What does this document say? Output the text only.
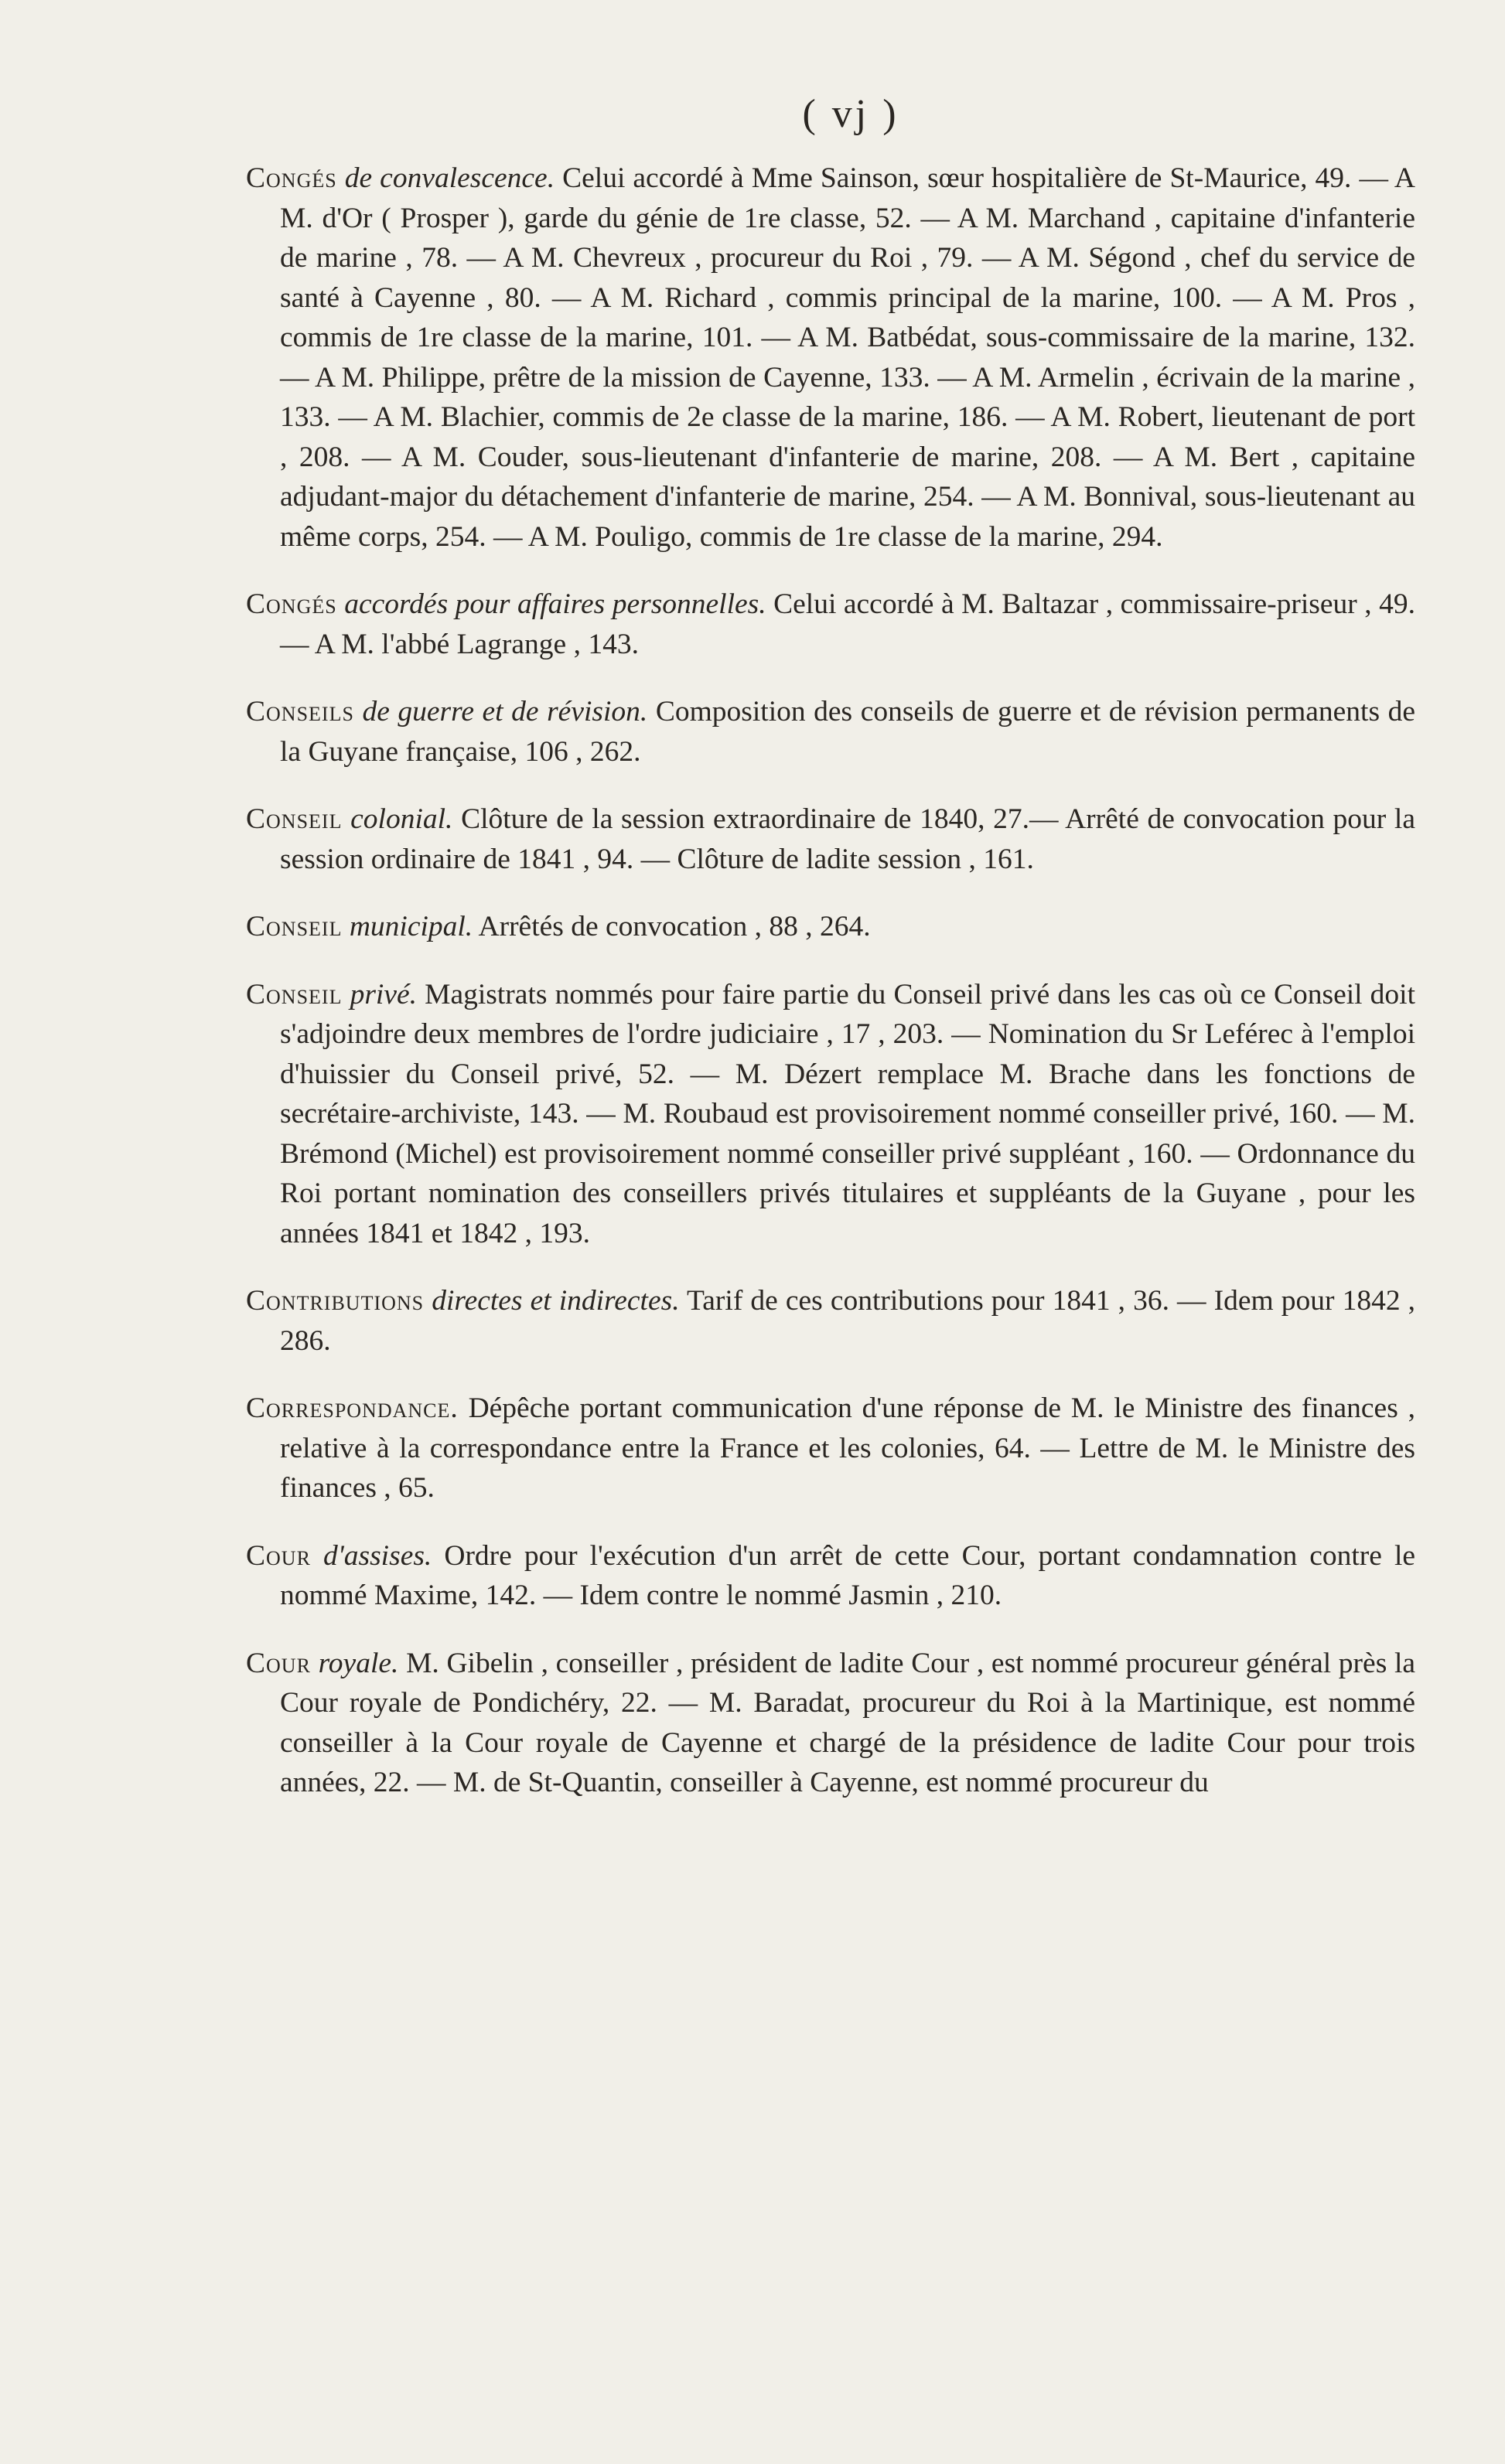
( vj )

Congés de convalescence. Celui accordé à Mme Sainson, sœur hospitalière de St-Maurice, 49. — A M. d'Or ( Prosper ), garde du génie de 1re classe, 52. — A M. Marchand , capitaine d'infanterie de marine , 78. — A M. Chevreux , procureur du Roi , 79. — A M. Ségond , chef du service de santé à Cayenne , 80. — A M. Richard , commis principal de la marine, 100. — A M. Pros , commis de 1re classe de la marine, 101. — A M. Batbédat, sous-commissaire de la marine, 132. — A M. Philippe, prêtre de la mission de Cayenne, 133. — A M. Armelin , écrivain de la marine , 133. — A M. Blachier, commis de 2e classe de la marine, 186. — A M. Robert, lieutenant de port , 208. — A M. Couder, sous-lieutenant d'infanterie de marine, 208. — A M. Bert , capitaine adjudant-major du détachement d'infanterie de marine, 254. — A M. Bonnival, sous-lieutenant au même corps, 254. — A M. Pouligo, commis de 1re classe de la marine, 294.

Congés accordés pour affaires personnelles. Celui accordé à M. Baltazar , commissaire-priseur , 49. — A M. l'abbé Lagrange , 143.

Conseils de guerre et de révision. Composition des conseils de guerre et de révision permanents de la Guyane française, 106 , 262.

Conseil colonial. Clôture de la session extraordinaire de 1840, 27.— Arrêté de convocation pour la session ordinaire de 1841 , 94. — Clôture de ladite session , 161.

Conseil municipal. Arrêtés de convocation , 88 , 264.

Conseil privé. Magistrats nommés pour faire partie du Conseil privé dans les cas où ce Conseil doit s'adjoindre deux membres de l'ordre judiciaire , 17 , 203. — Nomination du Sr Leférec à l'emploi d'huissier du Conseil privé, 52. — M. Dézert remplace M. Brache dans les fonctions de secrétaire-archiviste, 143. — M. Roubaud est provisoirement nommé conseiller privé, 160. — M. Brémond (Michel) est provisoirement nommé conseiller privé suppléant , 160. — Ordonnance du Roi portant nomination des conseillers privés titulaires et suppléants de la Guyane , pour les années 1841 et 1842 , 193.

Contributions directes et indirectes. Tarif de ces contributions pour 1841 , 36. — Idem pour 1842 , 286.

Correspondance. Dépêche portant communication d'une réponse de M. le Ministre des finances , relative à la correspondance entre la France et les colonies, 64. — Lettre de M. le Ministre des finances , 65.

Cour d'assises. Ordre pour l'exécution d'un arrêt de cette Cour, portant condamnation contre le nommé Maxime, 142. — Idem contre le nommé Jasmin , 210.

Cour royale. M. Gibelin , conseiller , président de ladite Cour , est nommé procureur général près la Cour royale de Pondichéry, 22. — M. Baradat, procureur du Roi à la Martinique, est nommé conseiller à la Cour royale de Cayenne et chargé de la présidence de ladite Cour pour trois années, 22. — M. de St-Quantin, conseiller à Cayenne, est nommé procureur du
